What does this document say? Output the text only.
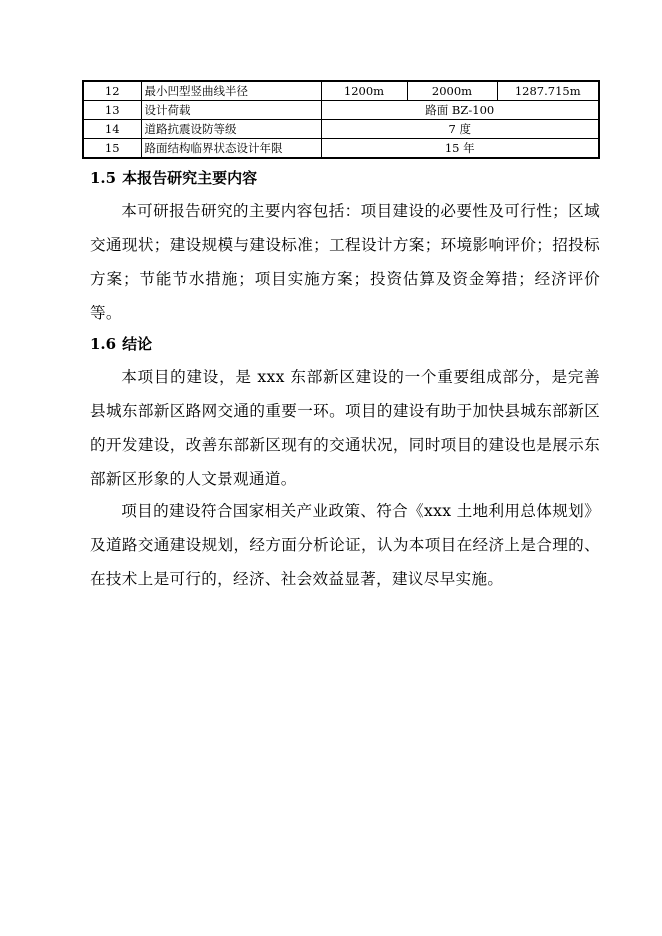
12	最小凹型竖曲线半径	1200m	2000m	1287.715m
13	设计荷载	路面 BZ-100		
14	道路抗震设防等级	7 度		
15	路面结构临界状态设计年限	15 年		
1.5 本报告研究主要内容

本可研报告研究的主要内容包括：项目建设的必要性及可行性；区域交通现状；建设规模与建设标准；工程设计方案；环境影响评价；招投标方案；节能节水措施；项目实施方案；投资估算及资金筹措；经济评价等。

1.6 结论

本项目的建设，是 xxx 东部新区建设的一个重要组成部分，是完善县城东部新区路网交通的重要一环。项目的建设有助于加快县城东部新区的开发建设，改善东部新区现有的交通状况，同时项目的建设也是展示东部新区形象的人文景观通道。

项目的建设符合国家相关产业政策、符合《xxx 土地利用总体规划》及道路交通建设规划，经方面分析论证，认为本项目在经济上是合理的、在技术上是可行的，经济、社会效益显著，建议尽早实施。
